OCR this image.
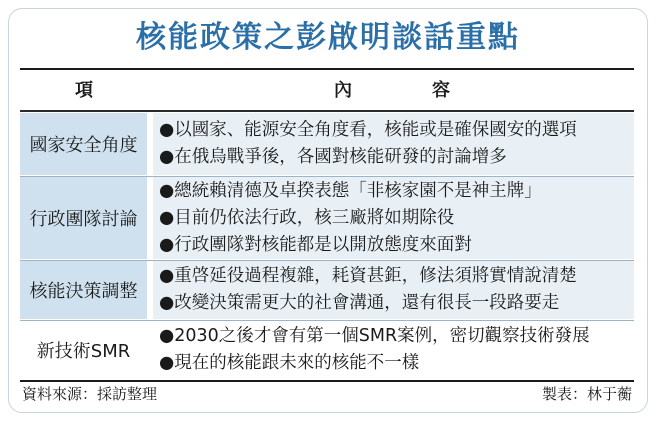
核能政策之彭啟明談話重點
項	內容
國家安全角度
●以國家、能源安全角度看，核能或是確保國安的選項
●在俄烏戰爭後，各國對核能研發的討論增多
行政團隊討論
●總統賴清德及卓揆表態「非核家園不是神主牌」
●目前仍依法行政，核三廠將如期除役
●行政團隊對核能都是以開放態度來面對
核能決策調整
●重啓延役過程複雜，耗資甚鉅，修法須將實情說清楚
●改變決策需更大的社會溝通，還有很長一段路要走
新技術SMR
●2030之後才會有第一個SMR案例，密切觀察技術發展
●現在的核能跟未來的核能不一樣
資料來源：採訪整理	製表：林于蘅
